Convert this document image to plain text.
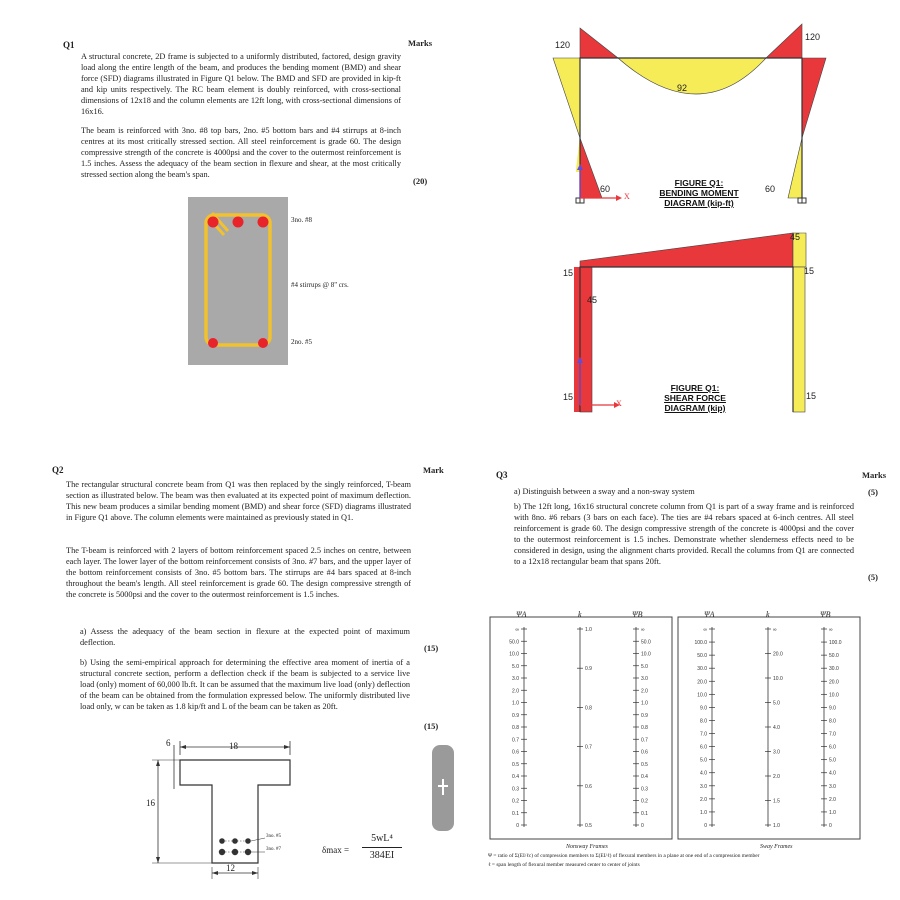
Q1	Marks
A structural concrete, 2D frame is subjected to a uniformly distributed, factored, design gravity load along the entire length of the beam, and produces the bending moment (BMD) and shear force (SFD) diagrams illustrated in Figure Q1 below. The BMD and SFD are provided in kip-ft and kip units respectively. The RC beam element is doubly reinforced, with cross-sectional dimensions of 12x18 and the column elements are 12ft long, with cross-sectional dimensions of 16x16.
The beam is reinforced with 3no. #8 top bars, 2no. #5 bottom bars and #4 stirrups at 8-inch centres at its most critically stressed section. All steel reinforcement is grade 60. The design compressive strength of the concrete is 4000psi and the cover to the outermost reinforcement is 1.5 inches. Assess the adequacy of the beam section in flexure and shear, at the most critically stressed section along the beam's span.
(20)
3no. #8
#4 stirrups @ 8" crs.
2no. #5
120
120
92
60	60
X
FIGURE Q1:
BENDING MOMENT
DIAGRAM (kip-ft)
45
15
15
45
15	15
X
FIGURE Q1:
SHEAR FORCE
DIAGRAM (kip)
Q2	Mark
The rectangular structural concrete beam from Q1 was then replaced by the singly reinforced, T-beam section as illustrated below. The beam was then evaluated at its expected point of maximum deflection. This new beam produces a similar bending moment (BMD) and shear force (SFD) diagrams illustrated in Figure Q1 above. The column elements were maintained as previously stated in Q1.
The T-beam is reinforced with 2 layers of bottom reinforcement spaced 2.5 inches on centre, between each layer. The lower layer of the bottom reinforcement consists of 3no. #7 bars, and the upper layer of the bottom reinforcement consists of 3no. #5 bottom bars. The stirrups are #4 bars spaced at 8-inch throughout the beam's length. All steel reinforcement is grade 60. The design compressive strength of the concrete is 5000psi and the cover to the outermost reinforcement is 1.5 inches.
a) Assess the adequacy of the beam section in flexure at the expected point of maximum deflection.
(15)
b) Using the semi-empirical approach for determining the effective area moment of inertia of a structural concrete section, perform a deflection check if the beam is subjected to a service live load (only) moment of 60,000 lb.ft. It can be assumed that the maximum live load (only) deflection of the beam can be obtained from the formulation expressed below. The uniformly distributed live load only, w can be taken as 1.8 kip/ft and L of the beam can be taken as 20ft.
(15)
6	18
16
12
3no. #5
3no. #7	δmax =
5wL⁴
384EI
Q3	Marks
a) Distinguish between a sway and a non-sway system	(5)
b) The 12ft long, 16x16 structural concrete column from Q1 is part of a sway frame and is reinforced with 8no. #6 rebars (3 bars on each face). The ties are #4 rebars spaced at 6-inch centres. All steel reinforcement is grade 60. The design compressive strength of the concrete is 4000psi and the cover to the outermost reinforcement is 1.5 inches. Demonstrate whether slenderness effects need to be considered in design, using the alignment charts provided. Recall the columns from Q1 are connected to a 12x18 rectangular beam that spans 20ft.
(5)
∞
50.0
10.0
5.0
3.0
2.0
1.0
0.9
0.8
0.7
0.6
0.5
0.4
0.3
0.2
0.1
0
1.0
0.9
0.8
0.7
0.6
0.5
∞
50.0
10.0
5.0
3.0
2.0
1.0
0.9
0.8
0.7
0.6
0.5
0.4
0.3
0.2
0.1
0
∞
100.0
50.0
30.0
20.0
10.0
9.0
8.0
7.0
6.0
5.0
4.0
3.0
2.0
1.0
0
∞
20.0
10.0
5.0
4.0
3.0
2.0
1.5
1.0
∞
100.0
50.0
30.0
20.0
10.0
9.0
8.0
7.0
6.0
5.0
4.0
3.0
2.0
1.0
0
ΨA	k	ΨB	ΨA	k	ΨB
Nonsway Frames	Sway Frames
Ψ = ratio of Σ(EI/ℓc) of compression members to Σ(EI/ℓ) of flexural members in a plane at one end of a compression member
ℓ = span length of flexural member measured center to center of joints
